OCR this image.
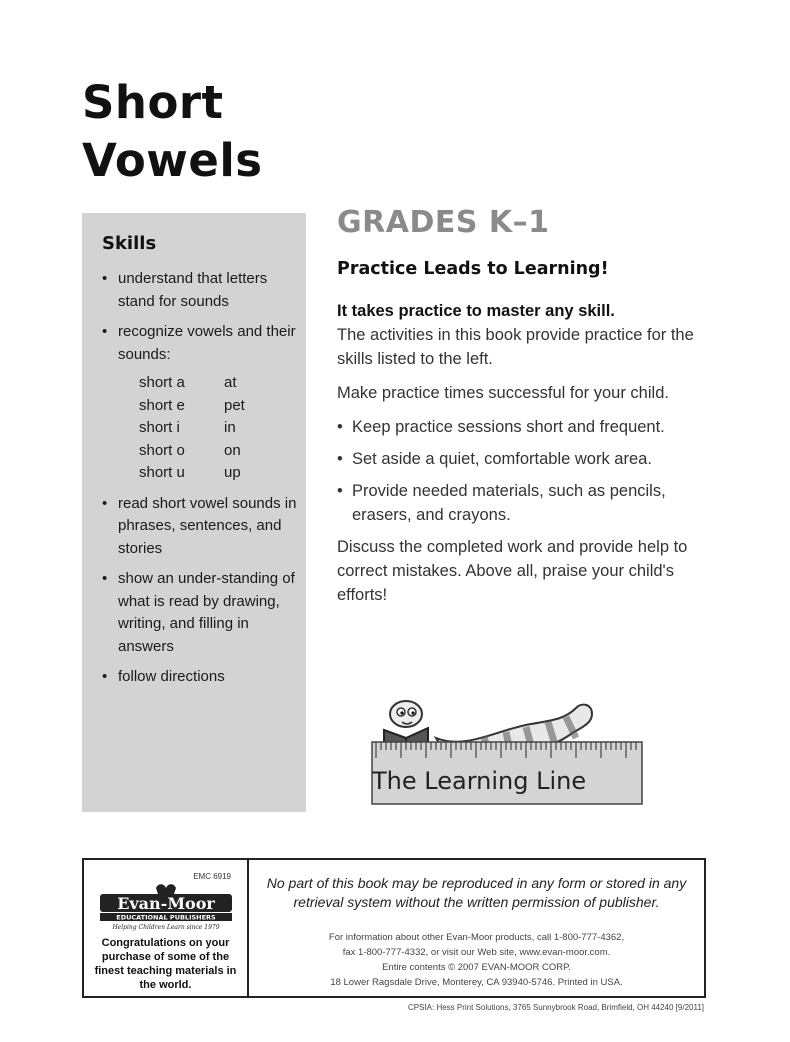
Short
Vowels
Skills
• understand that letters stand for sounds
• recognize vowels and their sounds:
short a	at
short e	pet
short i	in
short o	on
short u	up
• read short vowel sounds in phrases, sentences, and stories
• show an under-standing of what is read by drawing, writing, and filling in answers
• follow directions
GRADES K–1
Practice Leads to Learning!
It takes practice to master any skill.
The activities in this book provide practice for the skills listed to the left.
Make practice times successful for your child.
• Keep practice sessions short and frequent.
• Set aside a quiet, comfortable work area.
• Provide needed materials, such as pencils, erasers, and crayons.
Discuss the completed work and provide help to correct mistakes. Above all, praise your child's efforts!
The Learning Line
EMC 6919
Evan-Moor
EDUCATIONAL PUBLISHERS
Helping Children Learn since 1979
Congratulations on your purchase of some of the finest teaching materials in the world.
No part of this book may be reproduced in any form or stored in any retrieval system without the written permission of publisher.
For information about other Evan-Moor products, call 1-800-777-4362,
fax 1-800-777-4332, or visit our Web site, www.evan-moor.com.
Entire contents © 2007 EVAN-MOOR CORP.
18 Lower Ragsdale Drive, Monterey, CA 93940-5746. Printed in USA.
CPSIA: Hess Print Solutions, 3765 Sunnybrook Road, Brimfield, OH 44240 [9/2011]
